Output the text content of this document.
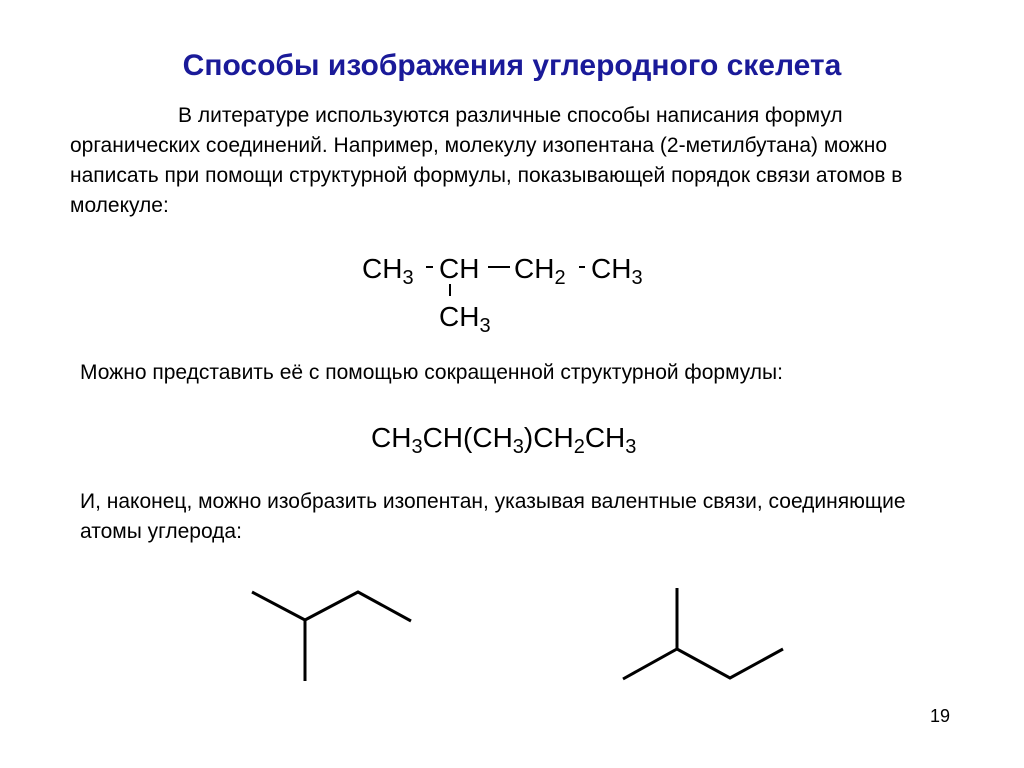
Способы изображения углеродного скелета
В литературе используются различные способы написания формул органических соединений. Например, молекулу изопентана (2-метилбутана) можно написать при помощи структурной формулы, показывающей порядок связи атомов в молекуле:
$CH_3$ CH $CH_2$ $CH_3$
$CH_3$
Можно представить её с помощью сокращенной структурной формулы:
$CH_3CH(CH_3)CH_2CH_3$
И, наконец, можно изобразить изопентан, указывая валентные связи, соединяющие атомы углерода:
19
